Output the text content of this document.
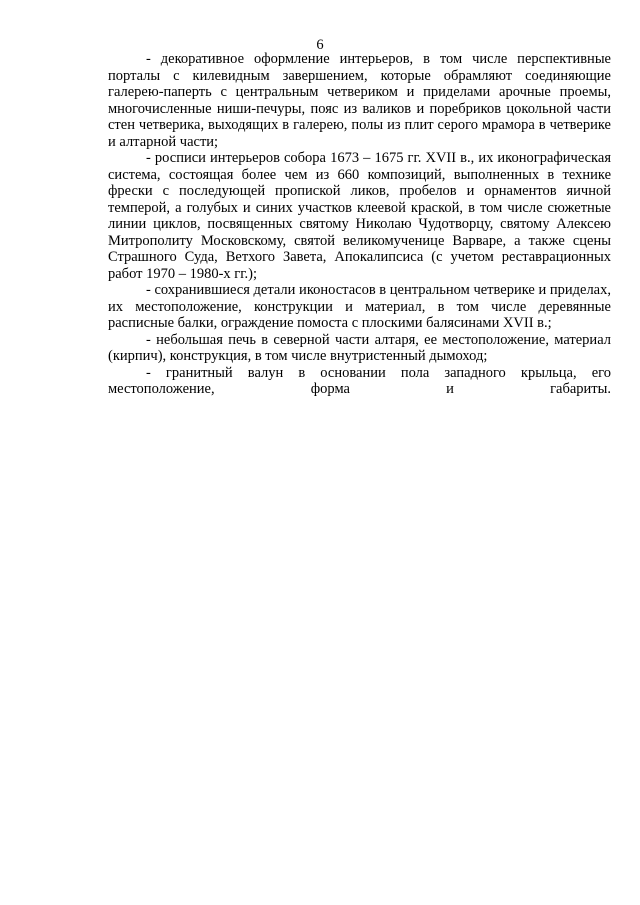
6

- декоративное оформление интерьеров, в том числе перспективные порталы с килевидным завершением, которые обрамляют соединяющие галерею-паперть с центральным четвериком и приделами арочные проемы, многочисленные ниши-печуры, пояс из валиков и поребриков цокольной части стен четверика, выходящих в галерею, полы из плит серого мрамора в четверике и алтарной части;

- росписи интерьеров собора 1673 – 1675 гг. XVII в., их иконографическая система, состоящая более чем из 660 композиций, выполненных в технике фрески с последующей пропиской ликов, пробелов и орнаментов яичной темперой, а голубых и синих участков клеевой краской, в том числе сюжетные линии циклов, посвященных святому Николаю Чудотворцу, святому Алексею Митрополиту Московскому, святой великомученице Варваре, а также сцены Страшного Суда, Ветхого Завета, Апокалипсиса (с учетом реставрационных работ 1970 – 1980-х гг.);

- сохранившиеся детали иконостасов в центральном четверике и приделах, их местоположение, конструкции и материал, в том числе деревянные расписные балки, ограждение помоста с плоскими балясинами XVII в.;

- небольшая печь в северной части алтаря, ее местоположение, материал (кирпич), конструкция, в том числе внутристенный дымоход;

- гранитный валун в основании пола западного крыльца, его местоположение, форма и габариты.
